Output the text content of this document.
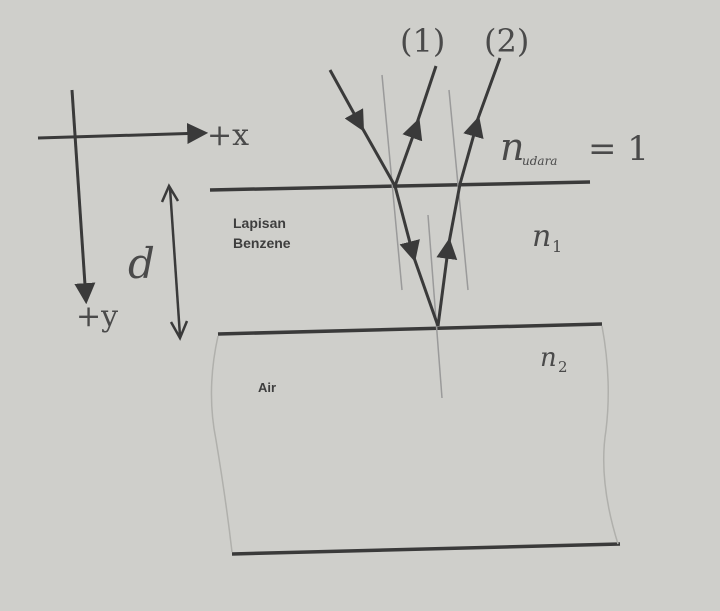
+x
+y
d
(1) (2)
n
udara = 1
Lapisan
Benzene	n 1
Air
n 2
